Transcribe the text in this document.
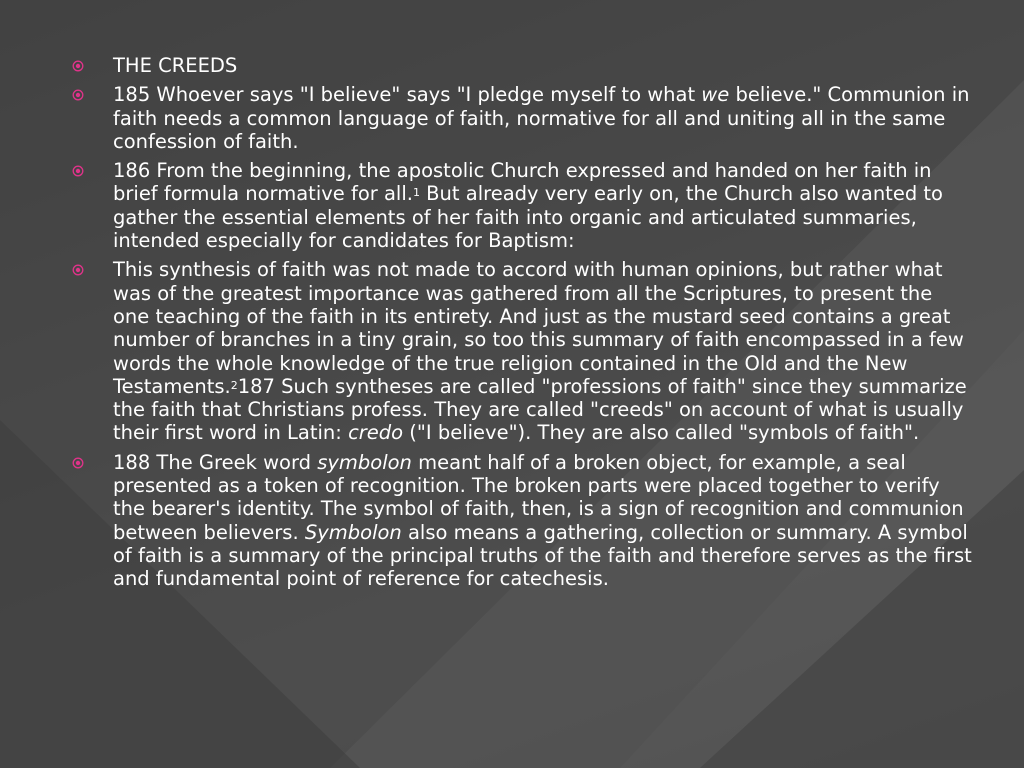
THE CREEDS
185 Whoever says "I believe" says "I pledge myself to what we believe." Communion in faith needs a common language of faith, normative for all and uniting all in the same confession of faith.
186 From the beginning, the apostolic Church expressed and handed on her faith in brief formula normative for all.$^1$ But already very early on, the Church also wanted to gather the essential elements of her faith into organic and articulated summaries, intended especially for candidates for Baptism:
This synthesis of faith was not made to accord with human opinions, but rather what was of the greatest importance was gathered from all the Scriptures, to present the one teaching of the faith in its entirety. And just as the mustard seed contains a great number of branches in a tiny grain, so too this summary of faith encompassed in a few words the whole knowledge of the true religion contained in the Old and the New Testaments.$^2$187 Such syntheses are called "professions of faith" since they summarize the faith that Christians profess. They are called "creeds" on account of what is usually their first word in Latin: credo ("I believe"). They are also called "symbols of faith".
188 The Greek word symbolon meant half of a broken object, for example, a seal presented as a token of recognition. The broken parts were placed together to verify the bearer's identity. The symbol of faith, then, is a sign of recognition and communion between believers. Symbolon also means a gathering, collection or summary. A symbol of faith is a summary of the principal truths of the faith and therefore serves as the first and fundamental point of reference for catechesis.
